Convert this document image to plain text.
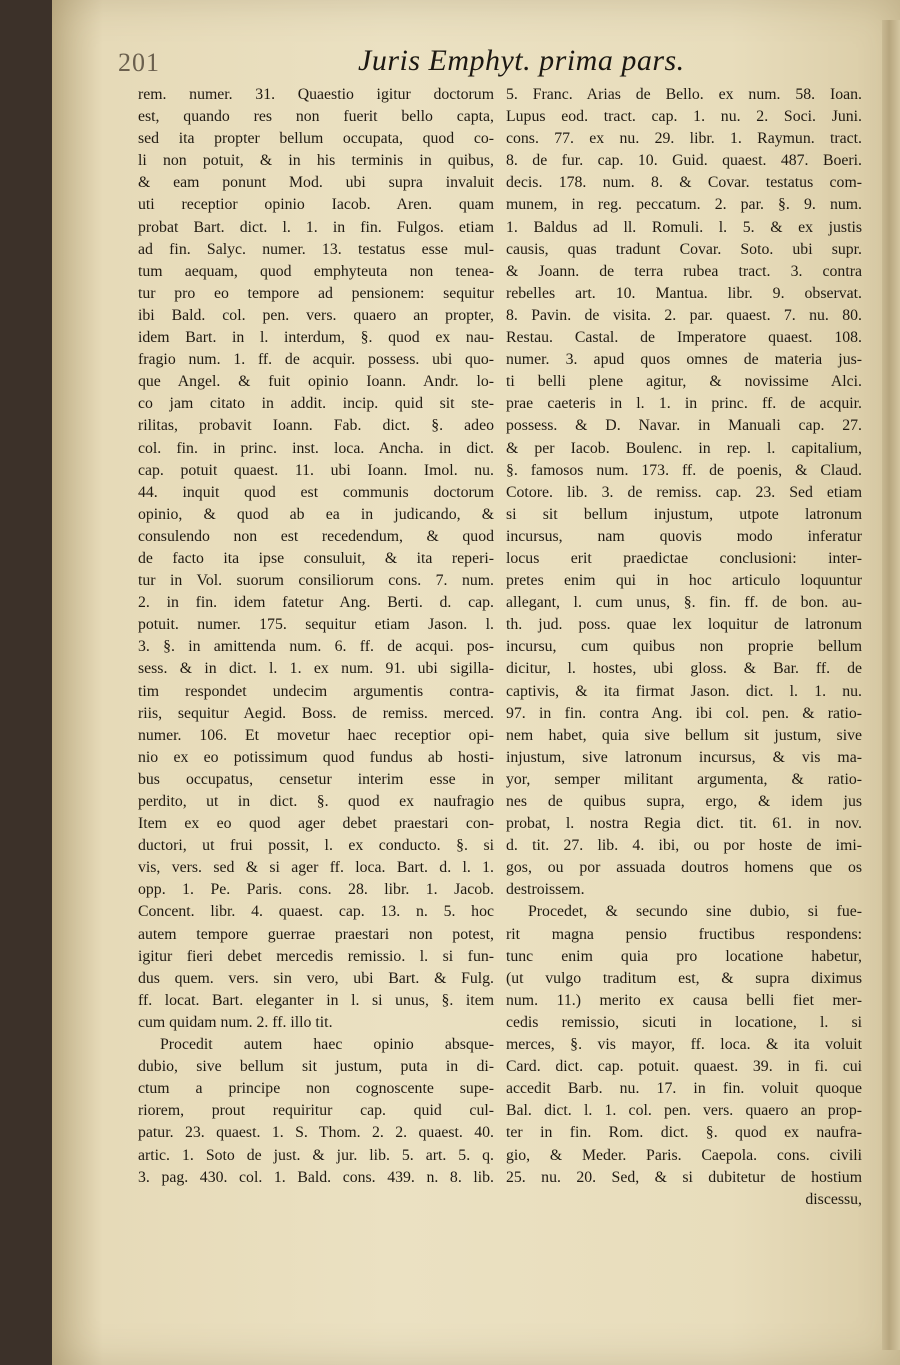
201	Juris Emphyt. prima pars.
rem. numer. 31. Quaestio igitur doctorum
est, quando res non fuerit bello capta,
sed ita propter bellum occupata, quod co-
li non potuit, & in his terminis in quibus,
& eam ponunt Mod. ubi supra invaluit
uti receptior opinio Iacob. Aren. quam
probat Bart. dict. l. 1. in fin. Fulgos. etiam
ad fin. Salyc. numer. 13. testatus esse mul-
tum aequam, quod emphyteuta non tenea-
tur pro eo tempore ad pensionem: sequitur
ibi Bald. col. pen. vers. quaero an propter,
idem Bart. in l. interdum, §. quod ex nau-
fragio num. 1. ff. de acquir. possess. ubi quo-
que Angel. & fuit opinio Ioann. Andr. lo-
co jam citato in addit. incip. quid sit ste-
rilitas, probavit Ioann. Fab. dict. §. adeo
col. fin. in princ. inst. loca. Ancha. in dict.
cap. potuit quaest. 11. ubi Ioann. Imol. nu.
44. inquit quod est communis doctorum
opinio, & quod ab ea in judicando, &
consulendo non est recedendum, & quod
de facto ita ipse consuluit, & ita reperi-
tur in Vol. suorum consiliorum cons. 7. num.
2. in fin. idem fatetur Ang. Berti. d. cap.
potuit. numer. 175. sequitur etiam Jason. l.
3. §. in amittenda num. 6. ff. de acqui. pos-
sess. & in dict. l. 1. ex num. 91. ubi sigilla-
tim respondet undecim argumentis contra-
riis, sequitur Aegid. Boss. de remiss. merced.
numer. 106. Et movetur haec receptior opi-
nio ex eo potissimum quod fundus ab hosti-
bus occupatus, censetur interim esse in
perdito, ut in dict. §. quod ex naufragio
Item ex eo quod ager debet praestari con-
ductori, ut frui possit, l. ex conducto. §. si
vis, vers. sed & si ager ff. loca. Bart. d. l. 1.
opp. 1. Pe. Paris. cons. 28. libr. 1. Jacob.
Concent. libr. 4. quaest. cap. 13. n. 5. hoc
autem tempore guerrae praestari non potest,
igitur fieri debet mercedis remissio. l. si fun-
dus quem. vers. sin vero, ubi Bart. & Fulg.
ff. locat. Bart. eleganter in l. si unus, §. item
cum quidam num. 2. ff. illo tit.
Procedit autem haec opinio absque-
dubio, sive bellum sit justum, puta in di-
ctum a principe non cognoscente supe-
riorem, prout requiritur cap. quid cul-
patur. 23. quaest. 1. S. Thom. 2. 2. quaest. 40.
artic. 1. Soto de just. & jur. lib. 5. art. 5. q.
3. pag. 430. col. 1. Bald. cons. 439. n. 8. lib.
5. Franc. Arias de Bello. ex num. 58. Ioan.
Lupus eod. tract. cap. 1. nu. 2. Soci. Juni.
cons. 77. ex nu. 29. libr. 1. Raymun. tract.
8. de fur. cap. 10. Guid. quaest. 487. Boeri.
decis. 178. num. 8. & Covar. testatus com-
munem, in reg. peccatum. 2. par. §. 9. num.
1. Baldus ad ll. Romuli. l. 5. & ex justis
causis, quas tradunt Covar. Soto. ubi supr.
& Joann. de terra rubea tract. 3. contra
rebelles art. 10. Mantua. libr. 9. observat.
8. Pavin. de visita. 2. par. quaest. 7. nu. 80.
Restau. Castal. de Imperatore quaest. 108.
numer. 3. apud quos omnes de materia jus-
ti belli plene agitur, & novissime Alci.
prae caeteris in l. 1. in princ. ff. de acquir.
possess. & D. Navar. in Manuali cap. 27.
& per Iacob. Boulenc. in rep. l. capitalium,
§. famosos num. 173. ff. de poenis, & Claud.
Cotore. lib. 3. de remiss. cap. 23. Sed etiam
si sit bellum injustum, utpote latronum
incursus, nam quovis modo inferatur
locus erit praedictae conclusioni: inter-
pretes enim qui in hoc articulo loquuntur
allegant, l. cum unus, §. fin. ff. de bon. au-
th. jud. poss. quae lex loquitur de latronum
incursu, cum quibus non proprie bellum
dicitur, l. hostes, ubi gloss. & Bar. ff. de
captivis, & ita firmat Jason. dict. l. 1. nu.
97. in fin. contra Ang. ibi col. pen. & ratio-
nem habet, quia sive bellum sit justum, sive
injustum, sive latronum incursus, & vis ma-
yor, semper militant argumenta, & ratio-
nes de quibus supra, ergo, & idem jus
probat, l. nostra Regia dict. tit. 61. in nov.
d. tit. 27. lib. 4. ibi, ou por hoste de imi-
gos, ou por assuada doutros homens que os
destroissem.
Procedet, & secundo sine dubio, si fue-
rit magna pensio fructibus respondens:
tunc enim quia pro locatione habetur,
(ut vulgo traditum est, & supra diximus
num. 11.) merito ex causa belli fiet mer-
cedis remissio, sicuti in locatione, l. si
merces, §. vis mayor, ff. loca. & ita voluit
Card. dict. cap. potuit. quaest. 39. in fi. cui
accedit Barb. nu. 17. in fin. voluit quoque
Bal. dict. l. 1. col. pen. vers. quaero an prop-
ter in fin. Rom. dict. §. quod ex naufra-
gio, & Meder. Paris. Caepola. cons. civili
25. nu. 20. Sed, & si dubitetur de hostium
discessu,
